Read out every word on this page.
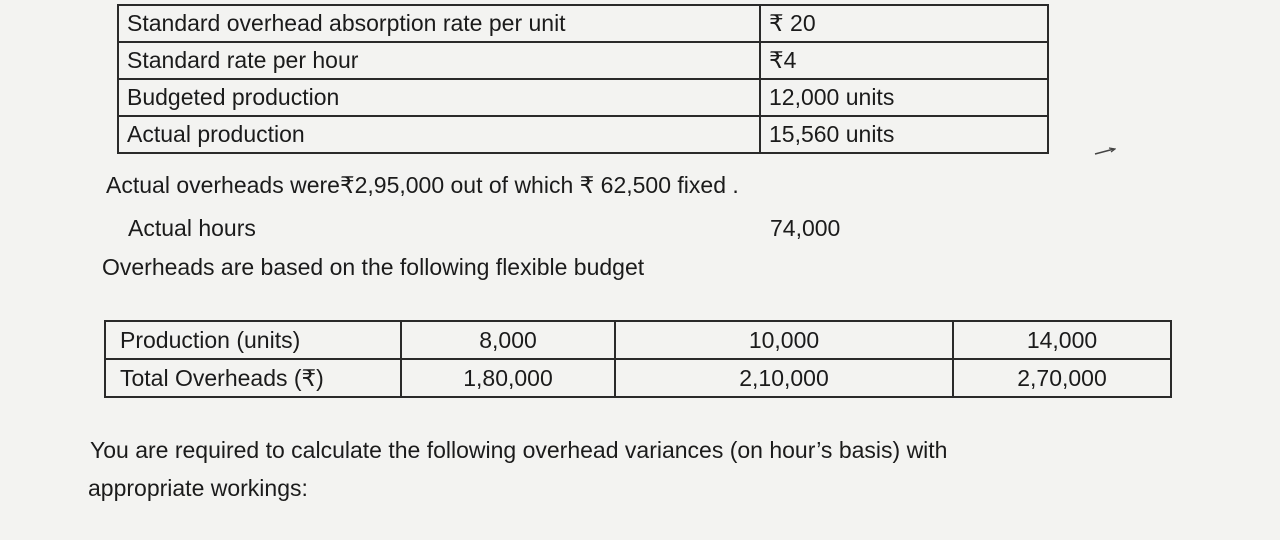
Standard overhead absorption rate per unit	₹ 20
Standard rate per hour	₹4
Budgeted production	12,000 units
Actual production	15,560 units
Actual overheads were₹2,95,000 out of which ₹ 62,500 fixed .
Actual hours	74,000
Overheads are based on the following flexible budget
Production (units)	8,000	10,000	14,000
Total Overheads (₹)	1,80,000	2,10,000	2,70,000
You are required to calculate the following overhead variances (on hour’s basis) with
appropriate workings:
